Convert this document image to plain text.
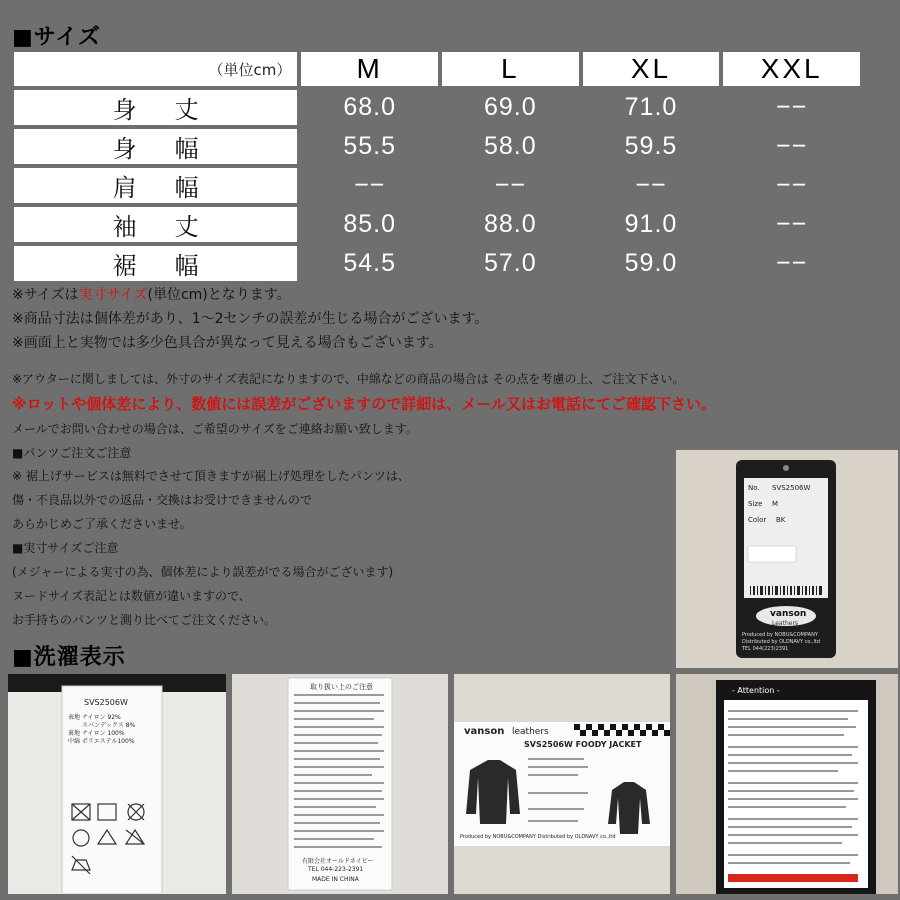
■サイズ
（単位cm）	M	L	XL	XXL
身丈	68.0	69.0	71.0	−−
身幅	55.5	58.0	59.5	−−
肩幅	−−	−−	−−	−−
袖丈	85.0	88.0	91.0	−−
裾幅	54.5	57.0	59.0	−−
※サイズは実寸サイズ(単位cm)となります。
※商品寸法は個体差があり、1～2センチの誤差が生じる場合がございます。
※画面上と実物では多少色具合が異なって見える場合もございます。
※アウターに関しましては、外寸のサイズ表記になりますので、中綿などの商品の場合は その点を考慮の上、ご注文下さい。
※ロットや個体差により、数値には誤差がございますので詳細は、メール又はお電話にてご確認下さい。
メールでお問い合わせの場合は、ご希望のサイズをご連絡お願い致します。
■パンツご注文ご注意
※ 裾上げサービスは無料でさせて頂きますが裾上げ処理をしたパンツは、
傷・不良品以外での返品・交換はお受けできませんので
あらかじめご了承くださいませ。
■実寸サイズご注意
(メジャーによる実寸の為、個体差により誤差がでる場合がございます)
ヌードサイズ表記とは数値が違いますので、
お手持ちのパンツと測り比べてご注文ください。
■洗濯表示
No. SVS2506W
Size M
Color BK
vanson
Leathers
Produced by NOBU&COMPANY
Distributed by OLDNAVY co.,ltd
TEL 044(223)2391
SVS2506W
表地 ナイロン 92%
スパンデックス 8%
裏地 ナイロン 100%
中綿 ポリエステル100%
取り扱い上のご注意
有限会社オールドネイビー
TEL 044-223-2391
MADE IN CHINA
vanson leathers
SVS2506W FOODY JACKET
Produced by NOBU&COMPANY Distributed by OLDNAVY co.,ltd
- Attention -
